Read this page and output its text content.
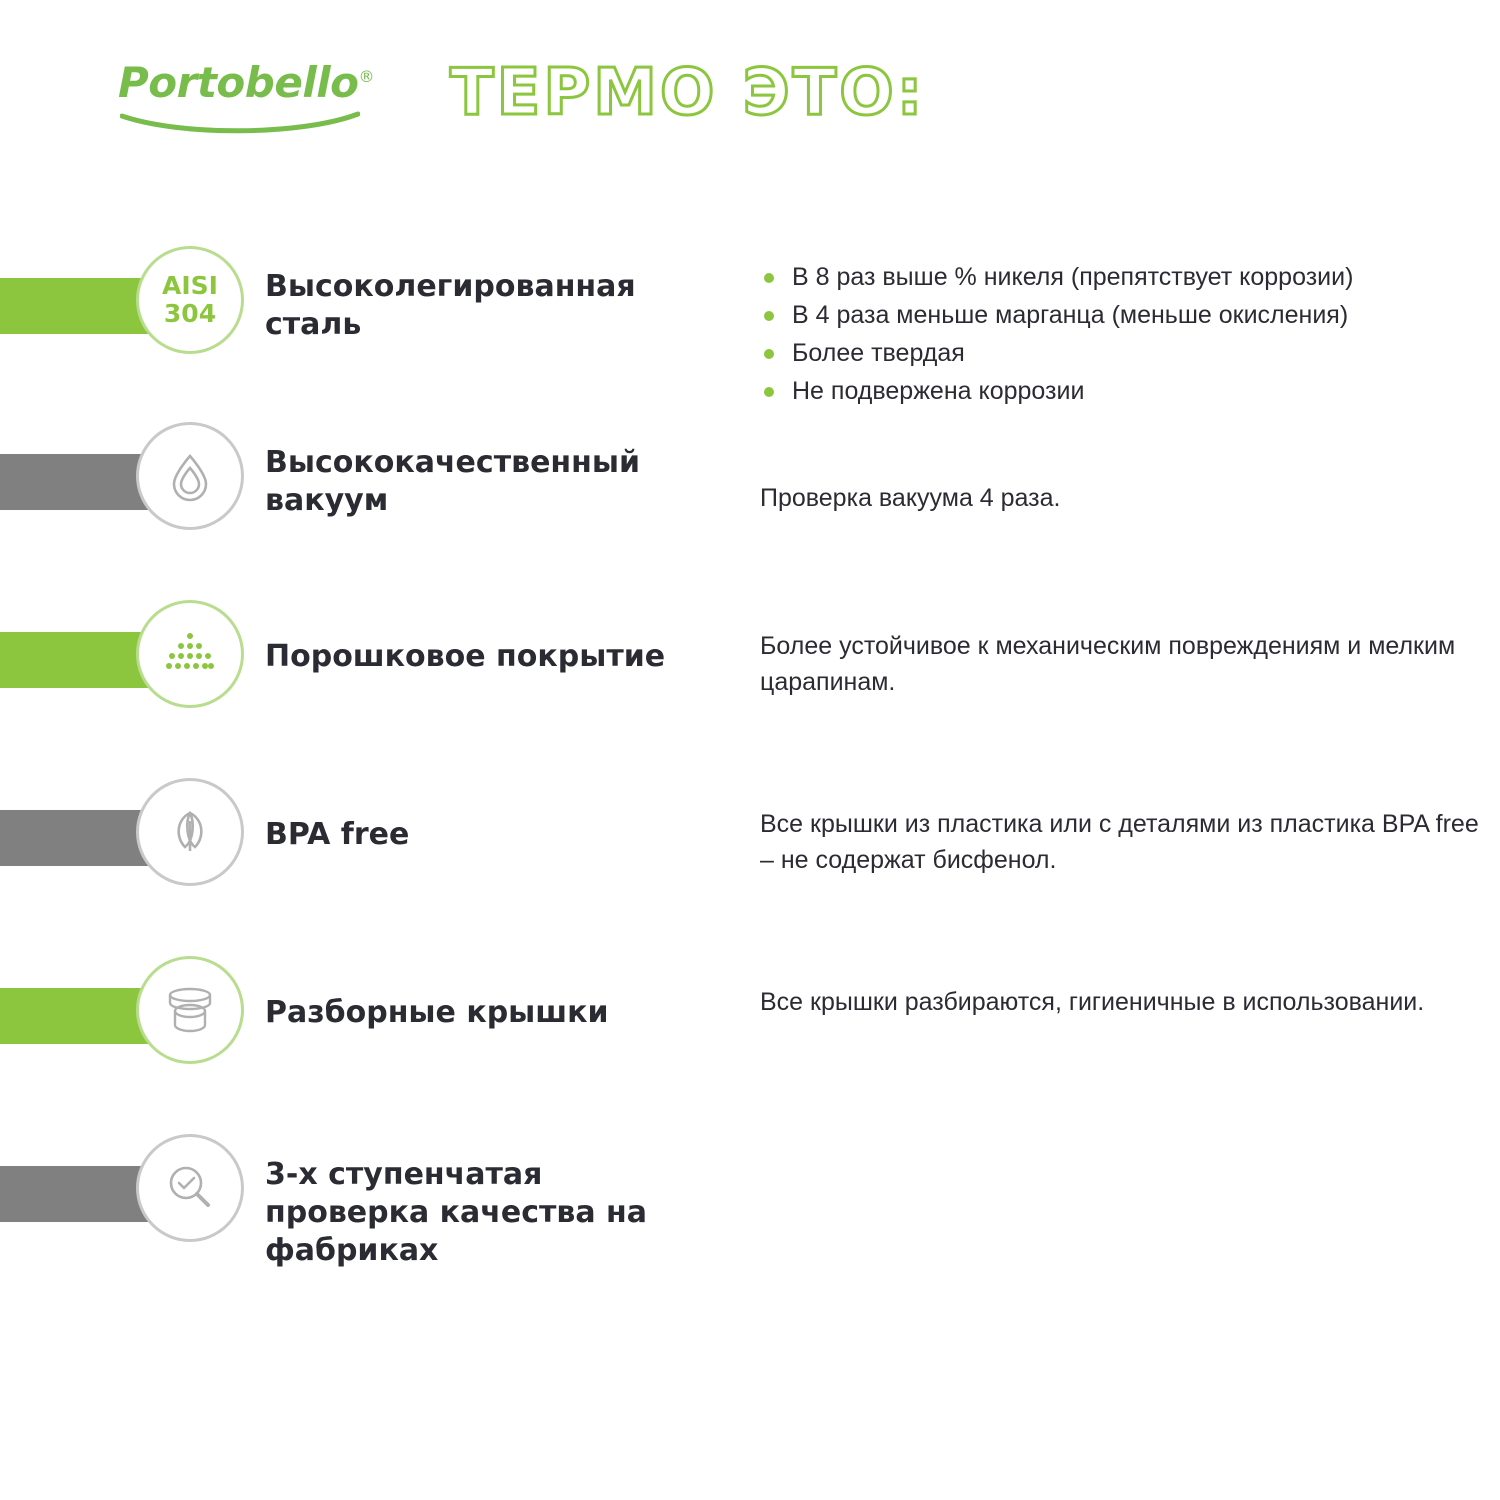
Portobello® ТЕРМО ЭТО:
AISI
304
Высоколегированная сталь
В 8 раз выше % никеля (препятствует коррозии)
В 4 раза меньше марганца (меньше окисления)
Более твердая
Не подвержена коррозии
Высококачественный вакуум	Проверка вакуума 4 раза.
Порошковое покрытие	Более устойчивое к механическим повреждениям и мелким царапинам.
BPA free	Все крышки из пластика или с деталями из пластика BPA free – не содержат бисфенол.
Разборные крышки	Все крышки разбираются, гигиеничные в использовании.
3-х ступенчатая проверка качества на фабриках
